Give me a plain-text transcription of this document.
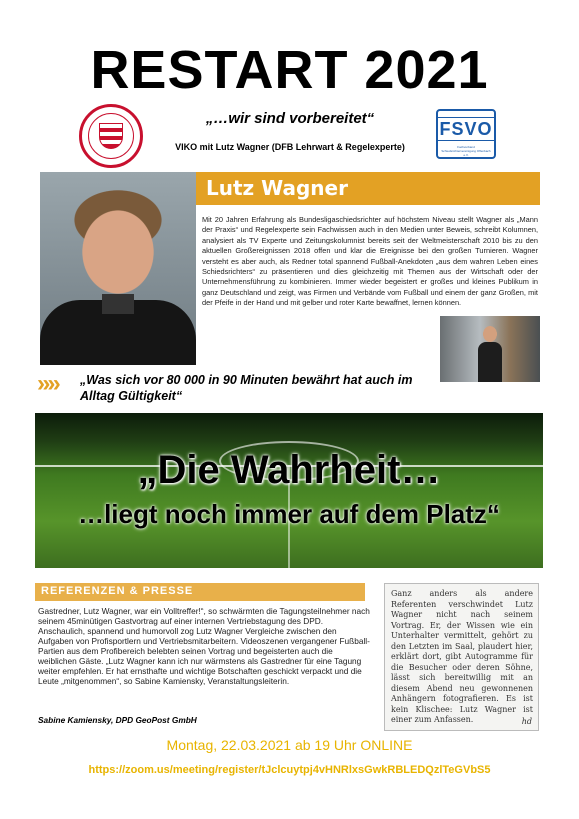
RESTART 2021
„…wir sind vorbereitet“
VIKO mit Lutz Wagner (DFB Lehrwart & Regelexperte)
FSVO
Fachverband Schiedsrichtervereinigung Offenbach e.V.
Lutz Wagner
Mit 20 Jahren Erfahrung als Bundesligaschiedsrichter auf höchstem Niveau stellt Wagner als „Mann der Praxis“ und Regelexperte sein Fachwissen auch in den Medien unter Beweis, schreibt Kolumnen, analysiert als TV Experte und Zeitungskolumnist bereits seit der Weltmeisterschaft 2010 bis zu den aktuellen Großereignissen 2018 offen und klar die Ereignisse bei den großen Turnieren. Wagner versteht es aber auch, als Redner total spannend Fußball-Anekdoten „aus dem wahren Leben eines Schiedsrichters“ zu präsentieren und dies gleichzeitig mit Themen aus der Wirtschaft oder der Unternehmensführung zu kombinieren. Immer wieder begeistert er großes und kleines Publikum in ganz Deutschland und zeigt, was Firmen und Verbände vom Fußball und einem der ganz Großen, mit der Pfeife in der Hand und mit gelber und roter Karte bewaffnet, lernen können.
»» „Was sich vor 80 000 in 90 Minuten bewährt hat auch im Alltag Gültigkeit“
„Die Wahrheit…
…liegt noch immer auf dem Platz“
REFERENZEN & PRESSE
Gastredner, Lutz Wagner, war ein Volltreffer!“, so schwärmten die Tagungsteilnehmer nach seinem 45minütigen Gastvortrag auf einer internen Vertriebstagung des DPD. Anschaulich, spannend und humorvoll zog Lutz Wagner Vergleiche zwischen den Aufgaben von Profisportlern und Vertriebsmitarbeitern. Videoszenen vergangener Fußball-Partien aus dem Profibereich belebten seinen Vortrag und begeisterten auch die weiblichen Gäste. „Lutz Wagner kann ich nur wärmstens als Gastredner für eine Tagung weiter empfehlen. Er hat ernsthafte und wichtige Botschaften geschickt verpackt und die Leute „mitgenommen“, so Sabine Kamiensky, Veranstaltungsleiterin.
Sabine Kamiensky, DPD GeoPost GmbH

Ganz anders als andere Referenten verschwindet Lutz Wagner nicht nach seinem Vortrag. Er, der Wissen wie ein Unterhalter vermittelt, gehört zu den Letzten im Saal, plaudert hier, erklärt dort, gibt Autogramme für die Besucher oder deren Söhne, lässt sich bereitwillig mit an diesem Abend neu gewonnenen Anhängern fotografieren. Es ist kein Klischee: Lutz Wagner ist einer zum Anfassen.	hd
Montag, 22.03.2021 ab 19 Uhr ONLINE
https://zoom.us/meeting/register/tJclcuytpj4vHNRlxsGwkRBLEDQzlTeGVbS5
